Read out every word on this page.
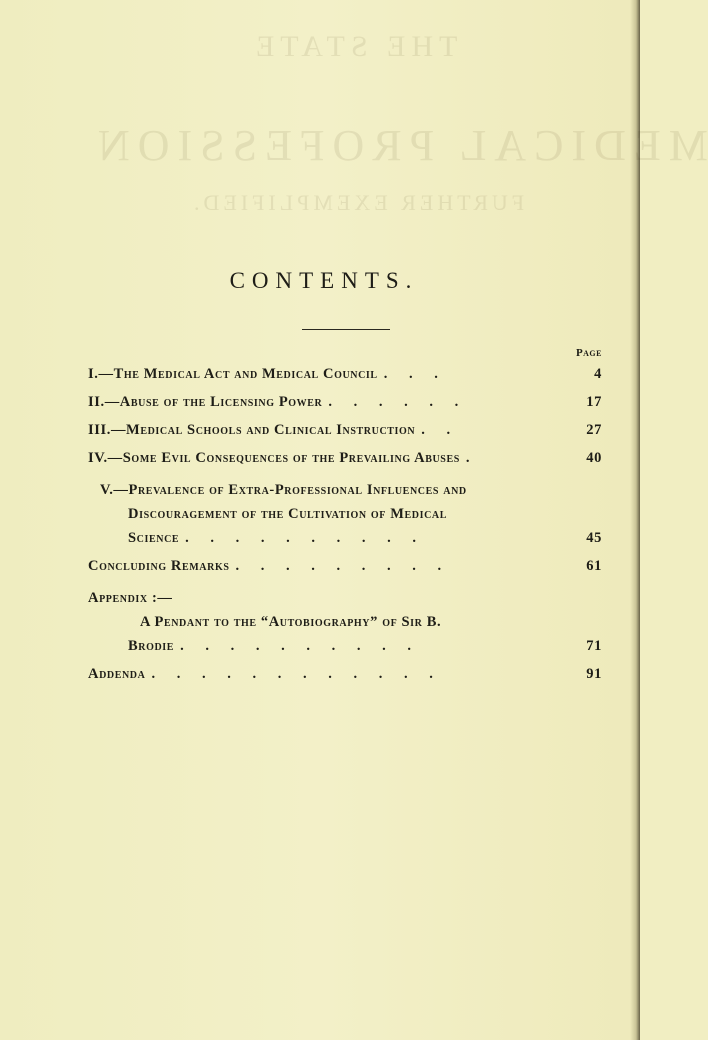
THE STATE
MEDICAL PROFESSION
FURTHER EXEMPLIFIED.
CONTENTS.
Page
I.—The Medical Act and Medical Council . . .	4
II.—Abuse of the Licensing Power . . . . . .	17
III.—Medical Schools and Clinical Instruction . .	27
IV.—Some Evil Consequences of the Prevailing Abuses .	40
V.—Prevalence of Extra-Professional Influences and
Discouragement of the Cultivation of Medical
Science . . . . . . . . . .	45
Concluding Remarks . . . . . . . . .	61
Appendix :—
A Pendant to the “Autobiography” of Sir B.
Brodie . . . . . . . . . .	71
Addenda . . . . . . . . . . . .	91
